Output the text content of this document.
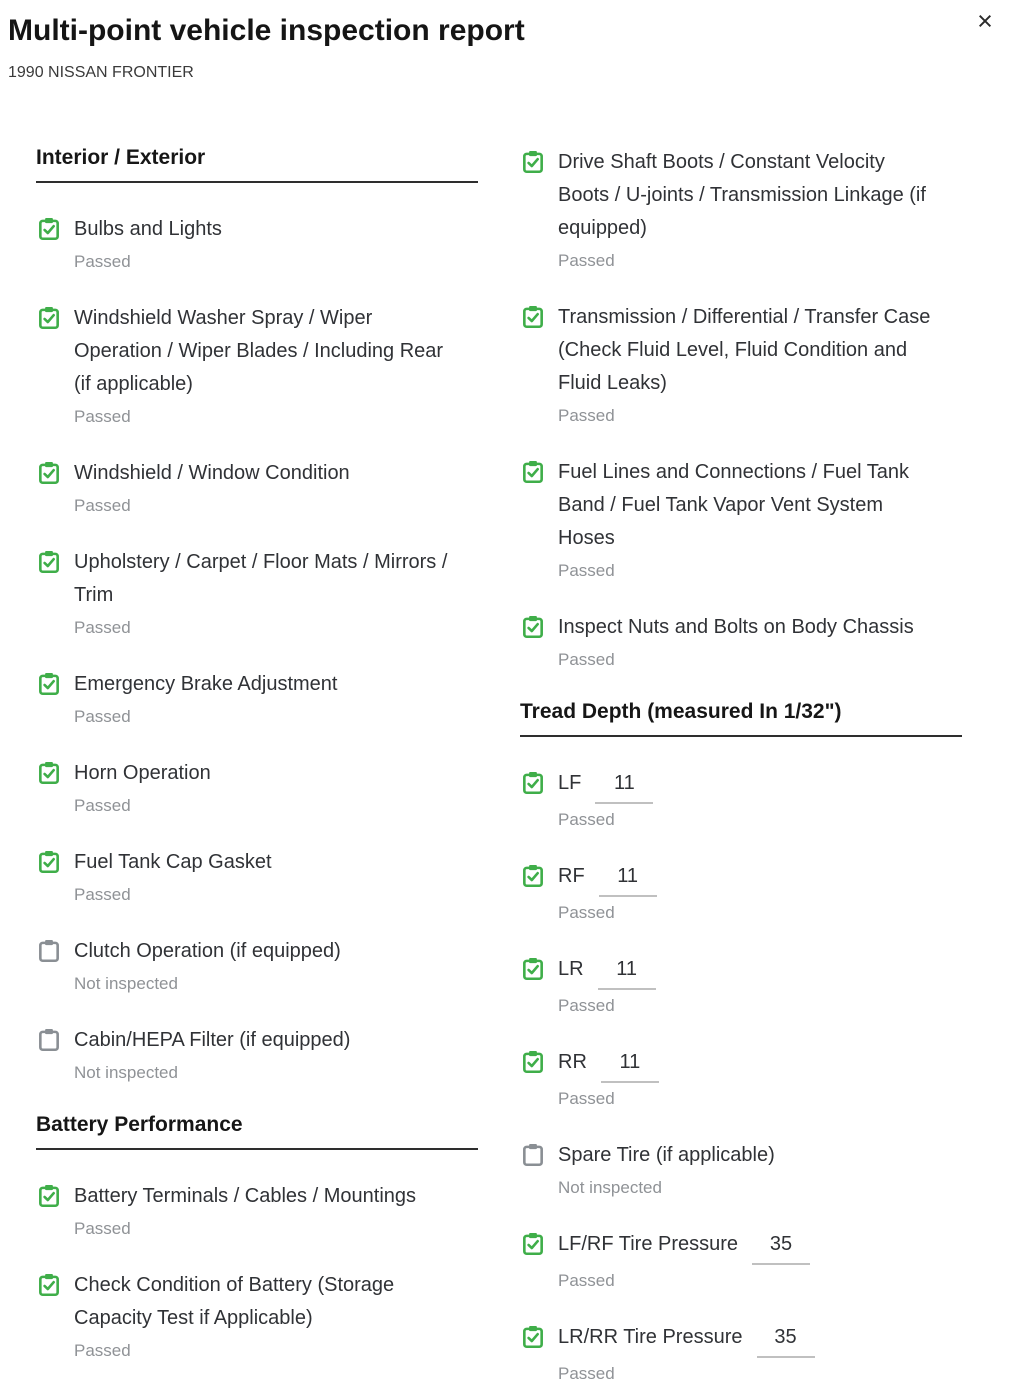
Multi-point vehicle inspection report	×
1990 NISSAN FRONTIER
Interior / Exterior
Bulbs and Lights
Passed
Windshield Washer Spray / Wiper Operation / Wiper Blades / Including Rear (if applicable)
Passed
Windshield / Window Condition
Passed
Upholstery / Carpet / Floor Mats / Mirrors / Trim
Passed
Emergency Brake Adjustment
Passed
Horn Operation
Passed
Fuel Tank Cap Gasket
Passed
Clutch Operation (if equipped)
Not inspected
Cabin/HEPA Filter (if equipped)
Not inspected
Battery Performance
Battery Terminals / Cables / Mountings
Passed
Check Condition of Battery (Storage Capacity Test if Applicable)
Passed
Drive Shaft Boots / Constant Velocity Boots / U-joints / Transmission Linkage (if equipped)
Passed
Transmission / Differential / Transfer Case (Check Fluid Level, Fluid Condition and Fluid Leaks)
Passed
Fuel Lines and Connections / Fuel Tank Band / Fuel Tank Vapor Vent System Hoses
Passed
Inspect Nuts and Bolts on Body Chassis
Passed
Tread Depth (measured In 1/32")
LF 11
Passed
RF 11
Passed
LR 11
Passed
RR 11
Passed
Spare Tire (if applicable)
Not inspected
LF/RF Tire Pressure 35
Passed
LR/RR Tire Pressure 35
Passed
